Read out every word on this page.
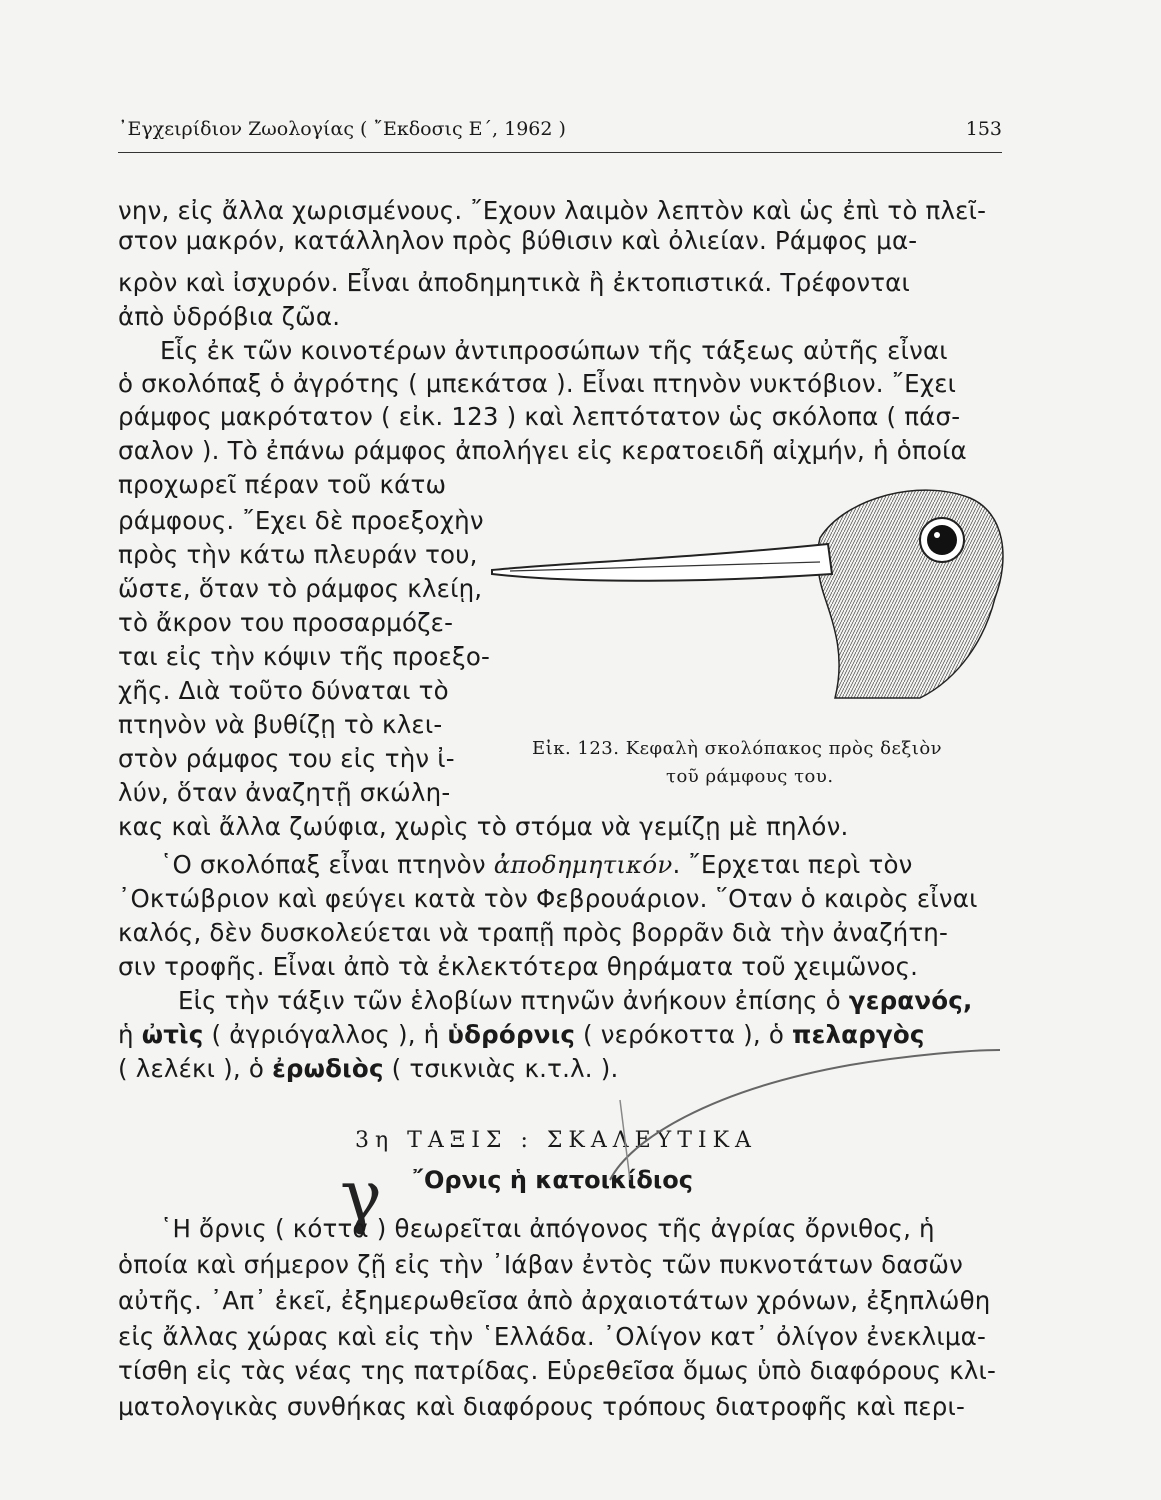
᾽Εγχειρίδιον Ζωολογίας ( ῎Εκδοσις Ε΄, 1962 )	153
νην, εἰς ἄλλα χωρισμένους. ῎Εχουν λαιμὸν λεπτὸν καὶ ὡς ἐπὶ τὸ πλεῖ-
στον μακρόν, κατάλληλον πρὸς βύθισιν καὶ ὀλιείαν. Ράμφος μα-
κρὸν καὶ ἰσχυρόν. Εἶναι ἀποδημητικὰ ἢ ἐκτοπιστικά. Τρέφονται
ἀπὸ ὑδρόβια ζῶα.
Εἷς ἐκ τῶν κοινοτέρων ἀντιπροσώπων τῆς τάξεως αὐτῆς εἶναι
ὁ σκολόπαξ ὁ ἀγρότης ( μπεκάτσα ). Εἶναι πτηνὸν νυκτόβιον. ῎Εχει
ράμφος μακρότατον ( εἰκ. 123 ) καὶ λεπτότατον ὡς σκόλοπα ( πάσ-
σαλον ). Τὸ ἐπάνω ράμφος ἀπολήγει εἰς κερατοειδῆ αἰχμήν, ἡ ὁποία
προχωρεῖ πέραν τοῦ κάτω
ράμφους. ῎Εχει δὲ προεξοχὴν
πρὸς τὴν κάτω πλευράν του,
ὥστε, ὅταν τὸ ράμφος κλείῃ,
τὸ ἄκρον του προσαρμόζε-
ται εἰς τὴν κόψιν τῆς προεξο-
χῆς. Διὰ τοῦτο δύναται τὸ
πτηνὸν νὰ βυθίζῃ τὸ κλει-
στὸν ράμφος του εἰς τὴν ἰ-
λύν, ὅταν ἀναζητῇ σκώλη-
κας καὶ ἄλλα ζωύφια, χωρὶς τὸ στόμα νὰ γεμίζῃ μὲ πηλόν.
Εἰκ. 123. Κεφαλὴ σκολόπακος πρὸς δεξιὸν
τοῦ ράμφους του.
῾Ο σκολόπαξ εἶναι πτηνὸν ἀποδημητικόν. ῎Ερχεται περὶ τὸν
᾽Οκτώβριον καὶ φεύγει κατὰ τὸν Φεβρουάριον. ῞Οταν ὁ καιρὸς εἶναι
καλός, δὲν δυσκολεύεται νὰ τραπῇ πρὸς βορρᾶν διὰ τὴν ἀναζήτη-
σιν τροφῆς. Εἶναι ἀπὸ τὰ ἐκλεκτότερα θηράματα τοῦ χειμῶνος.
Εἰς τὴν τάξιν τῶν ἑλοβίων πτηνῶν ἀνήκουν ἐπίσης ὁ γερανός,
ἡ ὠτὶς ( ἀγριόγαλλος ), ἡ ὑδρόρνις ( νερόκοττα ), ὁ πελαργὸς
( λελέκι ), ὁ ἐρωδιὸς ( τσικνιὰς κ.τ.λ. ).
3η ΤΑΞΙΣ : ΣΚΑΛΕΥΤΙΚΑ
῎Ορνις ἡ κατοικίδιος
γ
῾Η ὄρνις ( κόττα ) θεωρεῖται ἀπόγονος τῆς ἀγρίας ὄρνιθος, ἡ
ὁποία καὶ σήμερον ζῇ εἰς τὴν ᾽Ιάβαν ἐντὸς τῶν πυκνοτάτων δασῶν
αὐτῆς. ᾽Απ᾽ ἐκεῖ, ἐξημερωθεῖσα ἀπὸ ἀρχαιοτάτων χρόνων, ἐξηπλώθη
εἰς ἄλλας χώρας καὶ εἰς τὴν ῾Ελλάδα. ᾽Ολίγον κατ᾽ ὀλίγον ἐνεκλιμα-
τίσθη εἰς τὰς νέας της πατρίδας. Εὑρεθεῖσα ὅμως ὑπὸ διαφόρους κλι-
ματολογικὰς συνθήκας καὶ διαφόρους τρόπους διατροφῆς καὶ περι-
